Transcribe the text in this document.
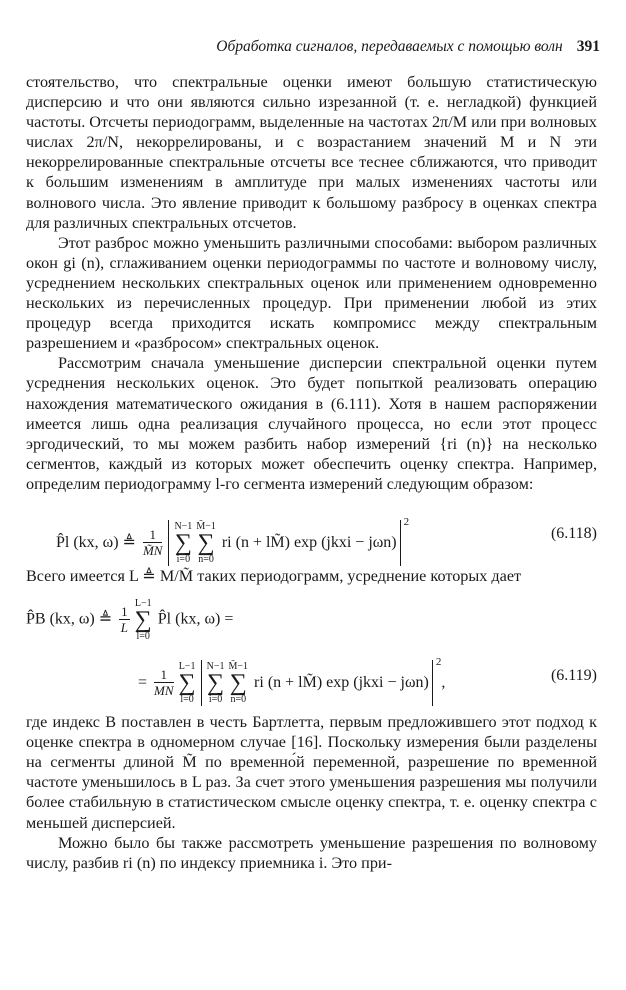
Обработка сигналов, передаваемых с помощью волн 391

стоятельство, что спектральные оценки имеют большую статистическую дисперсию и что они являются сильно изрезанной (т. е. негладкой) функцией частоты. Отсчеты периодограмм, выделенные на частотах 2π/M или при волновых числах 2π/N, некоррелированы, и с возрастанием значений M и N эти некоррелированные спектральные отсчеты все теснее сближаются, что приводит к большим изменениям в амплитуде при малых изменениях частоты или волнового числа. Это явление приводит к большому разбросу в оценках спектра для различных спектральных отсчетов.

Этот разброс можно уменьшить различными способами: выбором различных окон gi (n), сглаживанием оценки периодограммы по частоте и волновому числу, усреднением нескольких спектральных оценок или применением одновременно нескольких из перечисленных процедур. При применении любой из этих процедур всегда приходится искать компромисс между спектральным разрешением и «разбросом» спектральных оценок.

Рассмотрим сначала уменьшение дисперсии спектральной оценки путем усреднения нескольких оценок. Это будет попыткой реализовать операцию нахождения математического ожидания в (6.111). Хотя в нашем распоряжении имеется лишь одна реализация случайного процесса, но если этот процесс эргодический, то мы можем разбить набор измерений {ri (n)} на несколько сегментов, каждый из которых может обеспечить оценку спектра. Например, определим периодограмму l-го сегмента измерений следующим образом:

P̂l (kx, ω) ≜ $\frac{1}{M̃N}$
N−1
∑
i=0
M̃−1
∑
n=0
ri (n + lM̃) exp (jkxi − jωn)$^2$
(6.118)

Всего имеется L ≜ M/M̃ таких периодограмм, усреднение которых дает

P̂B (kx, ω) ≜ $\frac{1}{L}$
L−1
∑
l=0
P̂l (kx, ω) =
= $\frac{1}{MN}$
L−1
∑
l=0
N−1
∑
i=0
M̃−1
∑
n=0
ri (n + lM̃) exp (jkxi − jωn)$^2$,	(6.119)

где индекс B поставлен в честь Бартлетта, первым предложившего этот подход к оценке спектра в одномерном случае [16]. Поскольку измерения были разделены на сегменты длиной M̃ по временно́й переменной, разрешение по временной частоте уменьшилось в L раз. За счет этого уменьшения разрешения мы получили более стабильную в статистическом смысле оценку спектра, т. е. оценку спектра с меньшей дисперсией.

Можно было бы также рассмотреть уменьшение разрешения по волновому числу, разбив ri (n) по индексу приемника i. Это при-
